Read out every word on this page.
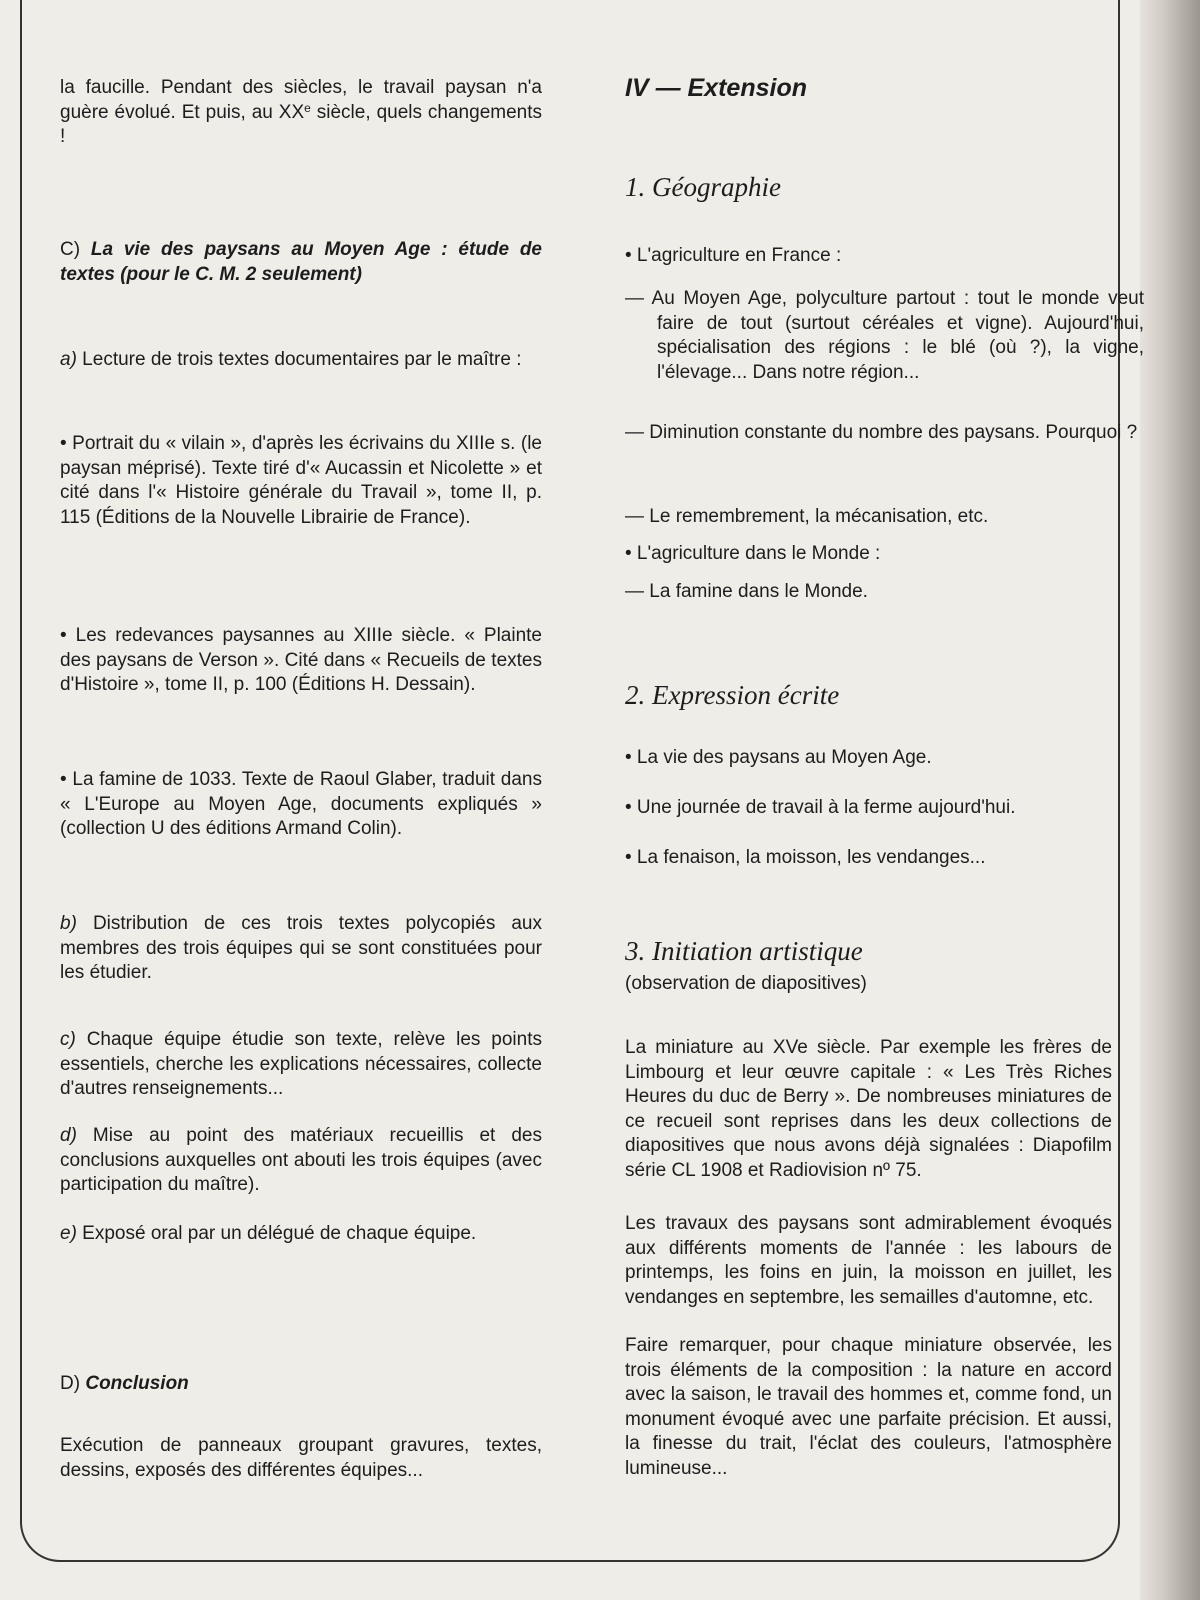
la faucille. Pendant des siècles, le travail paysan n'a guère évolué. Et puis, au XXe siècle, quels changements !

C) La vie des paysans au Moyen Age : étude de textes (pour le C. M. 2 seulement)

a) Lecture de trois textes documentaires par le maître :

• Portrait du « vilain », d'après les écrivains du XIIIe s. (le paysan méprisé). Texte tiré d'« Aucassin et Nicolette » et cité dans l'« Histoire générale du Travail », tome II, p. 115 (Éditions de la Nouvelle Librairie de France).

• Les redevances paysannes au XIIIe siècle. « Plainte des paysans de Verson ». Cité dans « Recueils de textes d'Histoire », tome II, p. 100 (Éditions H. Dessain).

• La famine de 1033. Texte de Raoul Glaber, traduit dans « L'Europe au Moyen Age, documents expliqués » (collection U des éditions Armand Colin).

b) Distribution de ces trois textes polycopiés aux membres des trois équipes qui se sont constituées pour les étudier.

c) Chaque équipe étudie son texte, relève les points essentiels, cherche les explications nécessaires, collecte d'autres renseignements...

d) Mise au point des matériaux recueillis et des conclusions auxquelles ont abouti les trois équipes (avec participation du maître).

e) Exposé oral par un délégué de chaque équipe.

D) Conclusion

Exécution de panneaux groupant gravures, textes, dessins, exposés des différentes équipes...

IV — Extension
1. Géographie

• L'agriculture en France :

— Au Moyen Age, polyculture partout : tout le monde veut faire de tout (surtout céréales et vigne). Aujourd'hui, spécialisation des régions : le blé (où ?), la vigne, l'élevage... Dans notre région...

— Diminution constante du nombre des paysans. Pourquoi ?

— Le remembrement, la mécanisation, etc.

• L'agriculture dans le Monde :

— La famine dans le Monde.

2. Expression écrite

• La vie des paysans au Moyen Age.

• Une journée de travail à la ferme aujourd'hui.

• La fenaison, la moisson, les vendanges...

3. Initiation artistique

(observation de diapositives)

La miniature au XVe siècle. Par exemple les frères de Limbourg et leur œuvre capitale : « Les Très Riches Heures du duc de Berry ». De nombreuses miniatures de ce recueil sont reprises dans les deux collections de diapositives que nous avons déjà signalées : Diapofilm série CL 1908 et Radiovision nº 75.

Les travaux des paysans sont admirablement évoqués aux différents moments de l'année : les labours de printemps, les foins en juin, la moisson en juillet, les vendanges en septembre, les semailles d'automne, etc.

Faire remarquer, pour chaque miniature observée, les trois éléments de la composition : la nature en accord avec la saison, le travail des hommes et, comme fond, un monument évoqué avec une parfaite précision. Et aussi, la finesse du trait, l'éclat des couleurs, l'atmosphère lumineuse...
